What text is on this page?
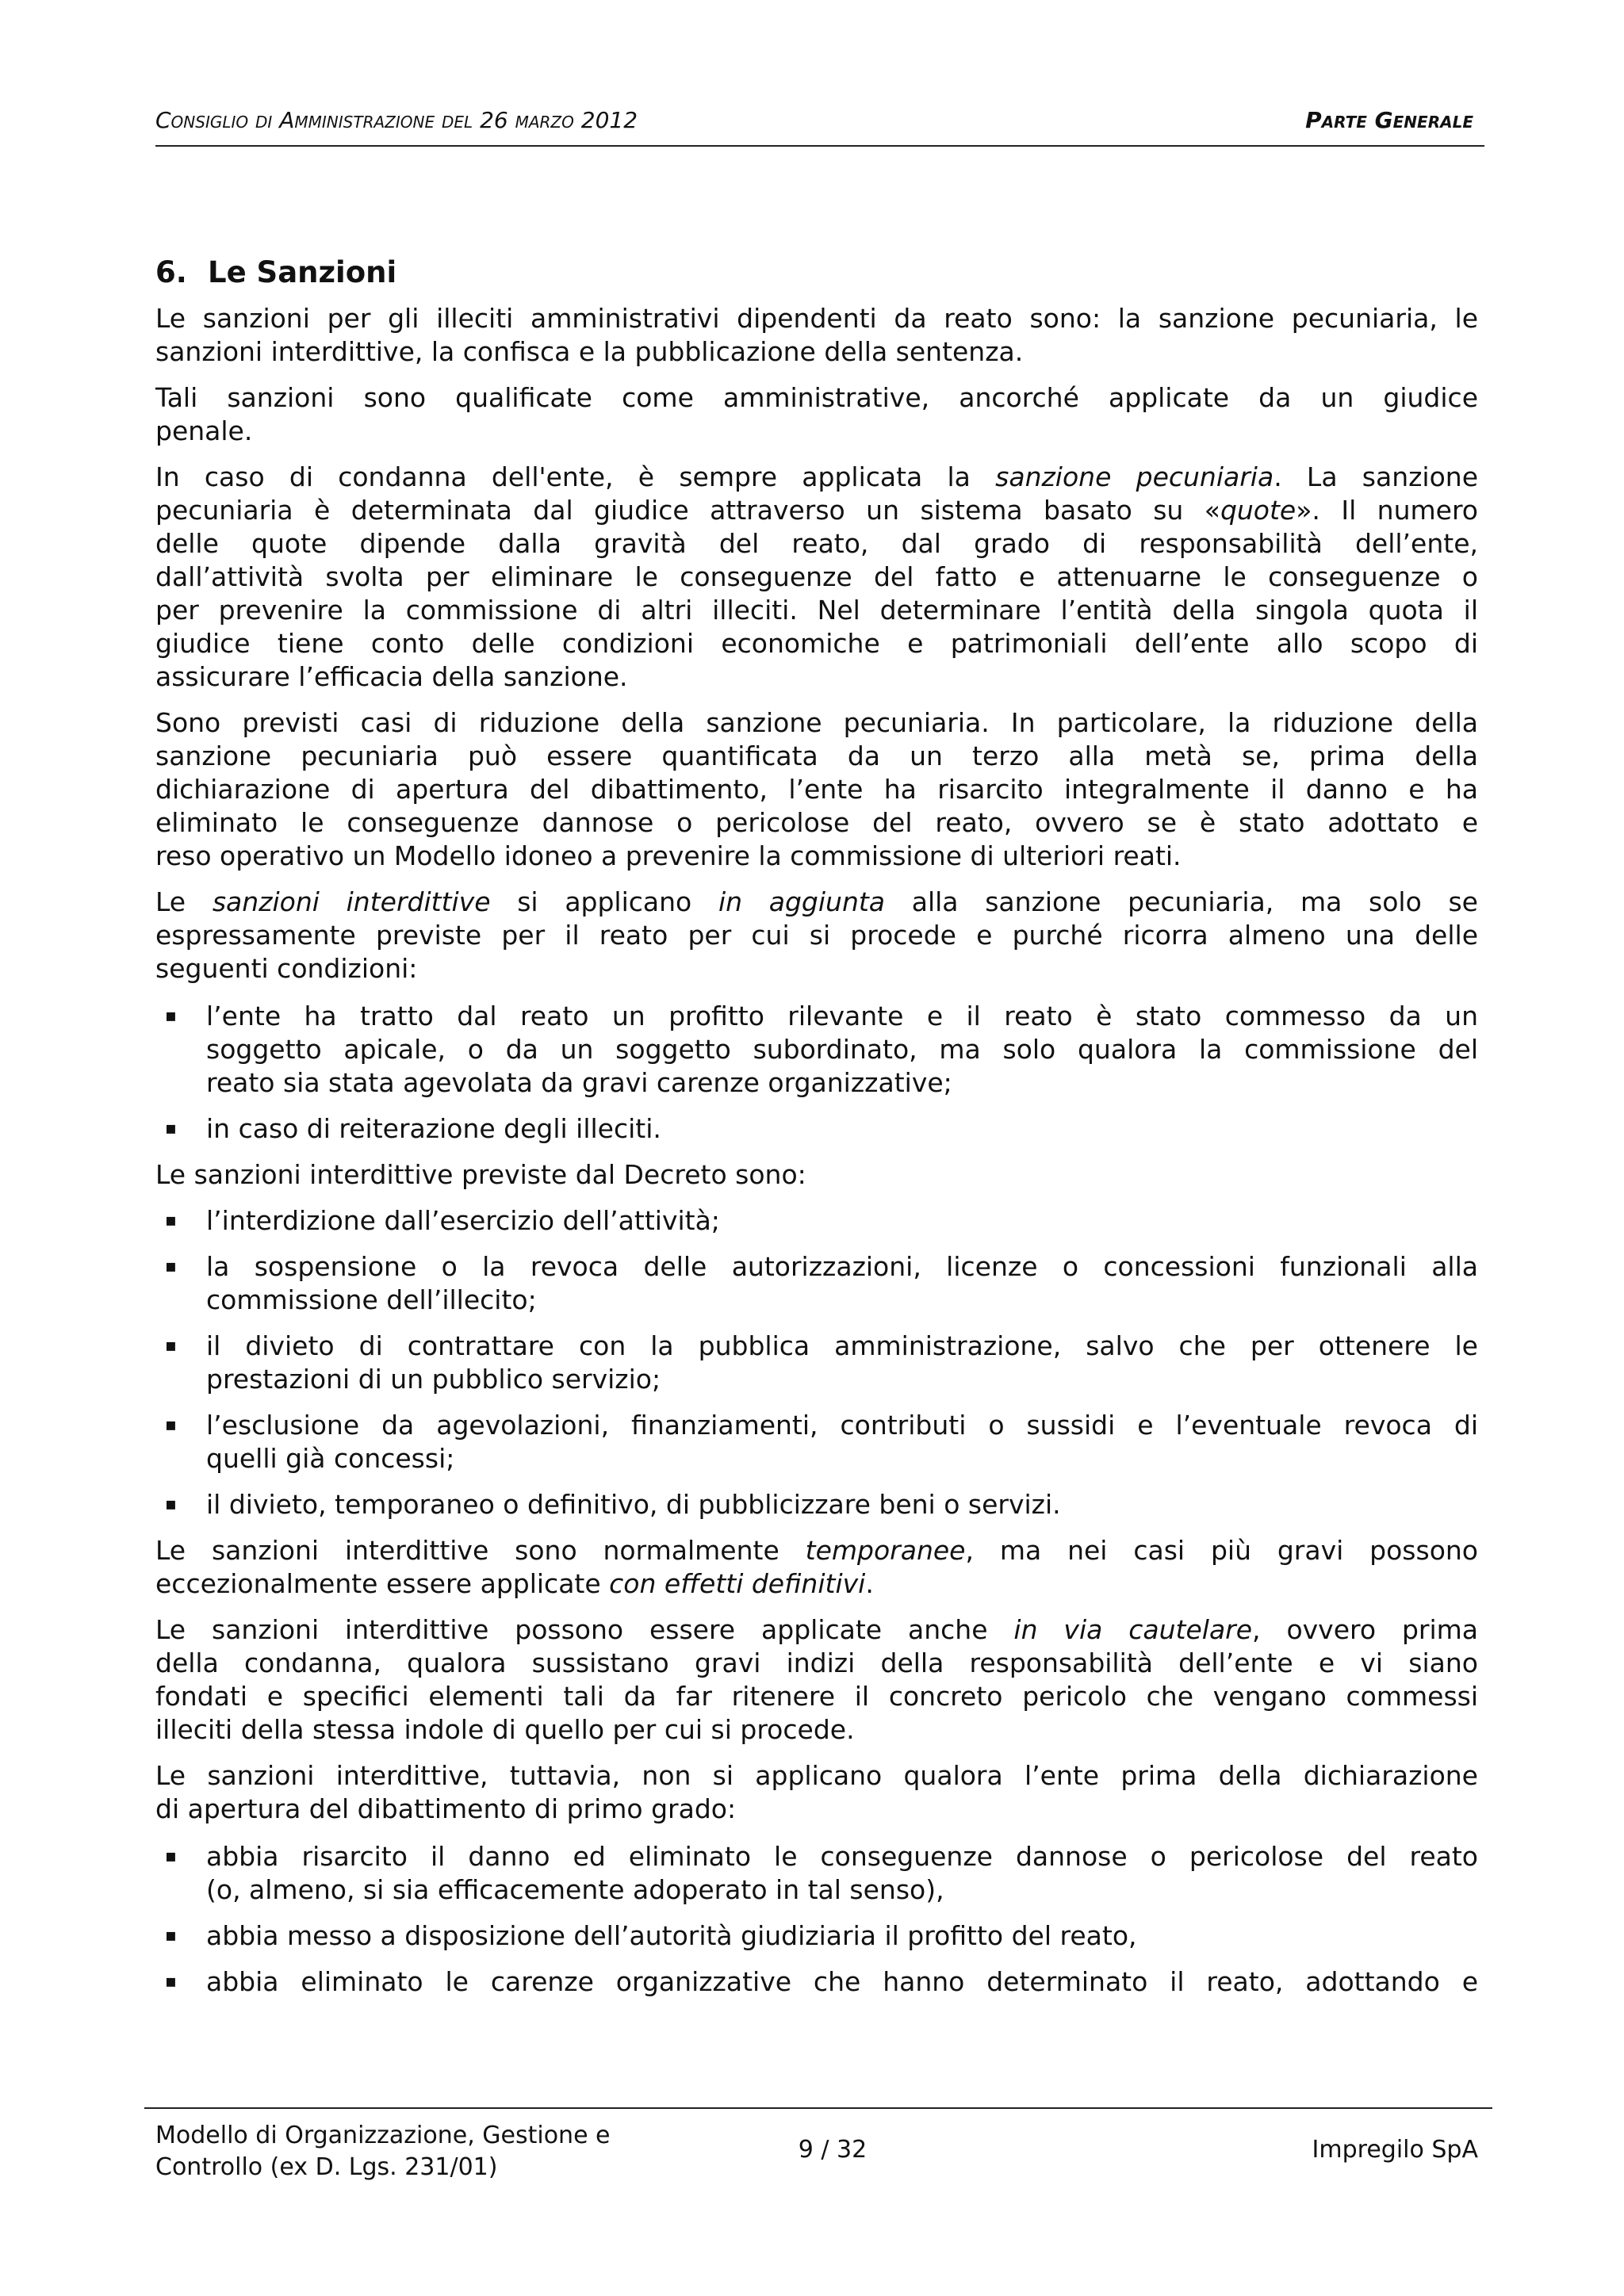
Consiglio di Amministrazione del 26 marzo 2012	Parte Generale
6. Le Sanzioni
Le sanzioni per gli illeciti amministrativi dipendenti da reato sono: la sanzione pecuniaria, le
sanzioni interdittive, la confisca e la pubblicazione della sentenza.
Tali sanzioni sono qualificate come amministrative, ancorché applicate da un giudice
penale.
In caso di condanna dell'ente, è sempre applicata la sanzione pecuniaria. La sanzione
pecuniaria è determinata dal giudice attraverso un sistema basato su «quote». Il numero
delle quote dipende dalla gravità del reato, dal grado di responsabilità dell’ente,
dall’attività svolta per eliminare le conseguenze del fatto e attenuarne le conseguenze o
per prevenire la commissione di altri illeciti. Nel determinare l’entità della singola quota il
giudice tiene conto delle condizioni economiche e patrimoniali dell’ente allo scopo di
assicurare l’efficacia della sanzione.
Sono previsti casi di riduzione della sanzione pecuniaria. In particolare, la riduzione della
sanzione pecuniaria può essere quantificata da un terzo alla metà se, prima della
dichiarazione di apertura del dibattimento, l’ente ha risarcito integralmente il danno e ha
eliminato le conseguenze dannose o pericolose del reato, ovvero se è stato adottato e
reso operativo un Modello idoneo a prevenire la commissione di ulteriori reati.
Le sanzioni interdittive si applicano in aggiunta alla sanzione pecuniaria, ma solo se
espressamente previste per il reato per cui si procede e purché ricorra almeno una delle
seguenti condizioni:
l’ente ha tratto dal reato un profitto rilevante e il reato è stato commesso da un
▪
soggetto apicale, o da un soggetto subordinato, ma solo qualora la commissione del
reato sia stata agevolata da gravi carenze organizzative;
in caso di reiterazione degli illeciti.
▪
Le sanzioni interdittive previste dal Decreto sono:
l’interdizione dall’esercizio dell’attività;
▪
la sospensione o la revoca delle autorizzazioni, licenze o concessioni funzionali alla
▪
commissione dell’illecito;
il divieto di contrattare con la pubblica amministrazione, salvo che per ottenere le
▪
prestazioni di un pubblico servizio;
l’esclusione da agevolazioni, finanziamenti, contributi o sussidi e l’eventuale revoca di
▪
quelli già concessi;
il divieto, temporaneo o definitivo, di pubblicizzare beni o servizi.
▪
Le sanzioni interdittive sono normalmente temporanee, ma nei casi più gravi possono
eccezionalmente essere applicate con effetti definitivi.
Le sanzioni interdittive possono essere applicate anche in via cautelare, ovvero prima
della condanna, qualora sussistano gravi indizi della responsabilità dell’ente e vi siano
fondati e specifici elementi tali da far ritenere il concreto pericolo che vengano commessi
illeciti della stessa indole di quello per cui si procede.
Le sanzioni interdittive, tuttavia, non si applicano qualora l’ente prima della dichiarazione
di apertura del dibattimento di primo grado:
abbia risarcito il danno ed eliminato le conseguenze dannose o pericolose del reato
▪
(o, almeno, si sia efficacemente adoperato in tal senso),
abbia messo a disposizione dell’autorità giudiziaria il profitto del reato,
▪
abbia eliminato le carenze organizzative che hanno determinato il reato, adottando e
▪
Modello di Organizzazione, Gestione e
Controllo (ex D. Lgs. 231/01)
9 / 32	Impregilo SpA
